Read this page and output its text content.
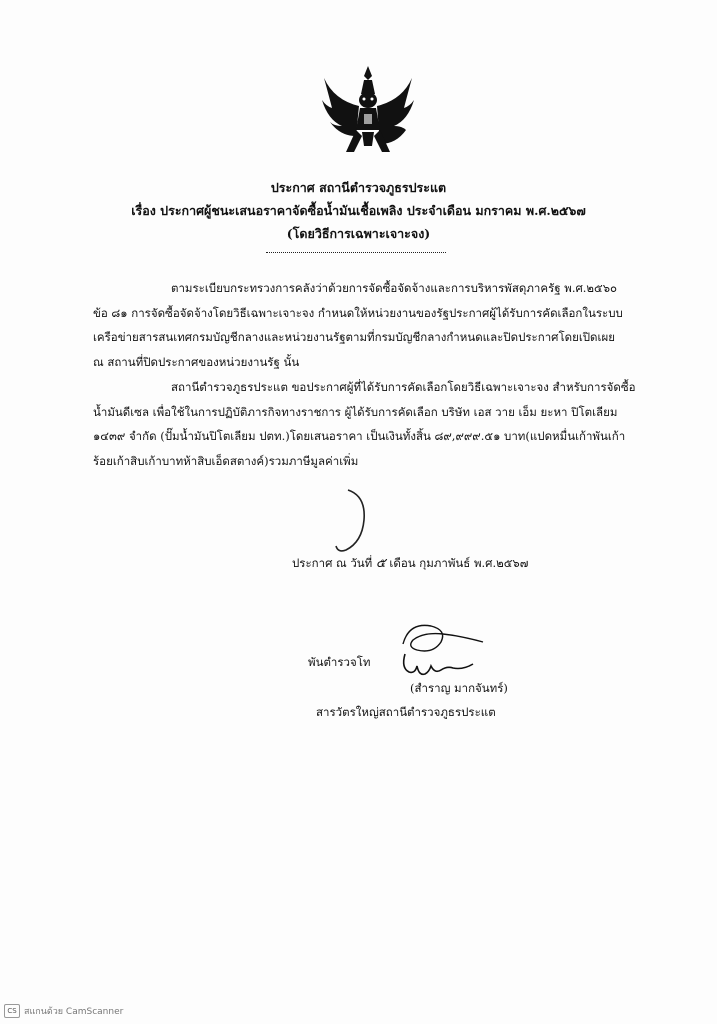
ประกาศ สถานีตำรวจภูธรประแต
เรื่อง ประกาศผู้ชนะเสนอราคาจัดซื้อน้ำมันเชื้อเพลิง ประจำเดือน มกราคม พ.ศ.๒๕๖๗
(โดยวิธีการเฉพาะเจาะจง)
ตามระเบียบกระทรวงการคลังว่าด้วยการจัดซื้อจัดจ้างและการบริหารพัสดุภาครัฐ พ.ศ.๒๕๖๐
ข้อ ๘๑ การจัดซื้อจัดจ้างโดยวิธีเฉพาะเจาะจง กำหนดให้หน่วยงานของรัฐประกาศผู้ได้รับการคัดเลือกในระบบ
เครือข่ายสารสนเทศกรมบัญชีกลางและหน่วยงานรัฐตามที่กรมบัญชีกลางกำหนดและปิดประกาศโดยเปิดเผย
ณ สถานที่ปิดประกาศของหน่วยงานรัฐ นั้น
สถานีตำรวจภูธรประแต ขอประกาศผู้ที่ได้รับการคัดเลือกโดยวิธีเฉพาะเจาะจง สำหรับการจัดซื้อ
น้ำมันดีเซล เพื่อใช้ในการปฏิบัติภารกิจทางราชการ ผู้ได้รับการคัดเลือก บริษัท เอส วาย เอ็ม ยะหา ปิโตเลียม
๑๔๓๙ จำกัด (ปั๊มน้ำมันปิโตเลียม ปตท.)โดยเสนอราคา เป็นเงินทั้งสิ้น ๘๙,๙๙๙.๕๑ บาท(แปดหมื่นเก้าพันเก้า
ร้อยเก้าสิบเก้าบาทห้าสิบเอ็ดสตางค์)รวมภาษีมูลค่าเพิ่ม
ประกาศ ณ วันที่ ๕ เดือน กุมภาพันธ์ พ.ศ.๒๕๖๗
พันตำรวจโท
(สำราญ มากจันทร์)
สารวัตรใหญ่สถานีตำรวจภูธรประแต
CS สแกนด้วย CamScanner
